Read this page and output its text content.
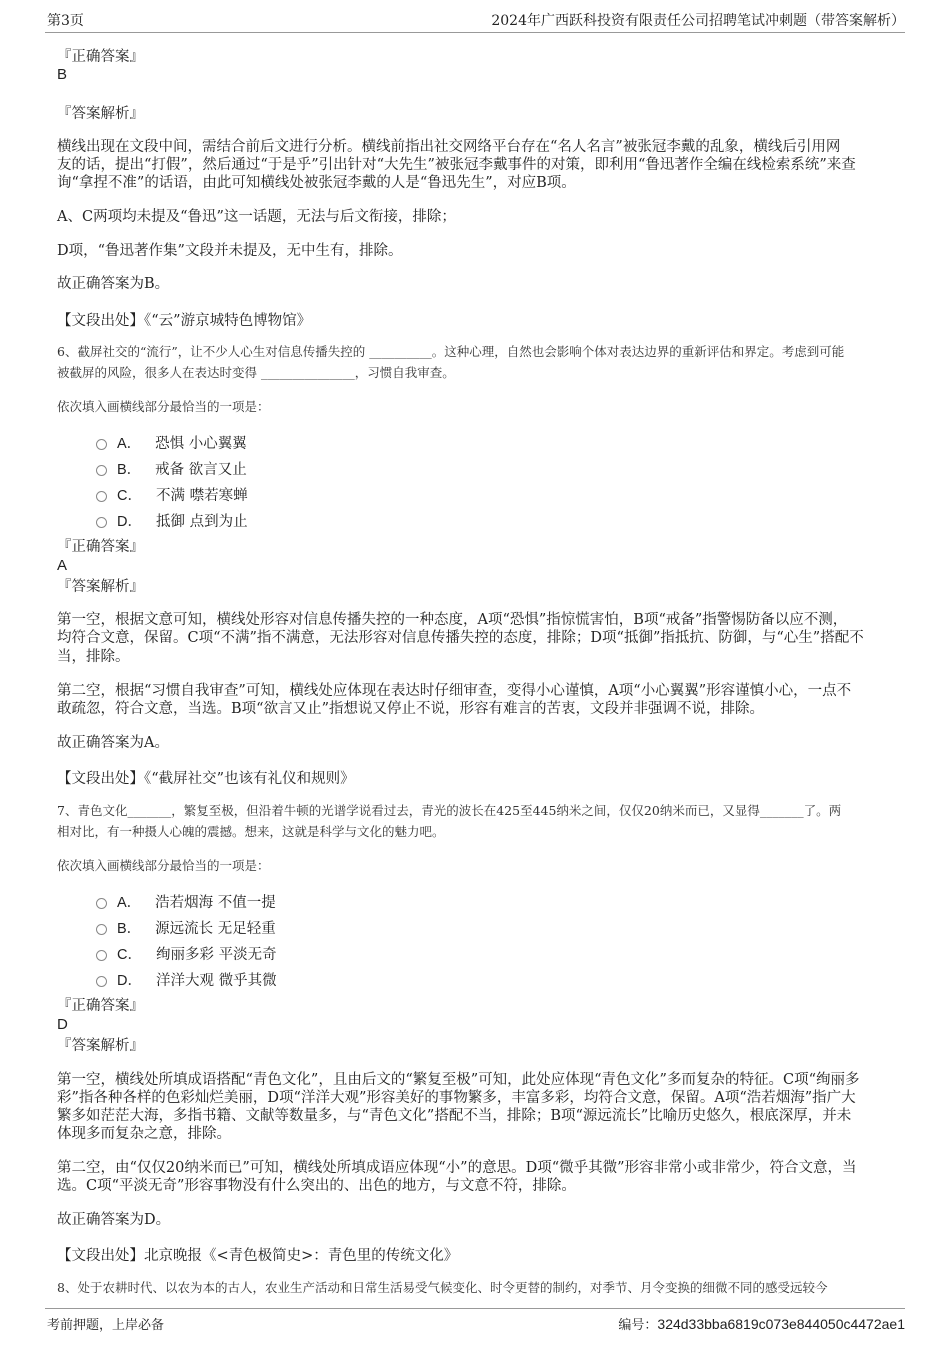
第3页	2024年广西跃科投资有限责任公司招聘笔试冲刺题（带答案解析）
『正确答案』
B
『答案解析』
横线出现在文段中间，需结合前后文进行分析。横线前指出社交网络平台存在“名人名言”被张冠李戴的乱象，横线后引用网
友的话，提出“打假”，然后通过“于是乎”引出针对“大先生”被张冠李戴事件的对策，即利用“鲁迅著作全编在线检索系统”来查
询“拿捏不准”的话语，由此可知横线处被张冠李戴的人是“鲁迅先生”，对应B项。
A、C两项均未提及“鲁迅”这一话题，无法与后文衔接，排除；
D项，“鲁迅著作集”文段并未提及，无中生有，排除。
故正确答案为B。
【文段出处】《“云”游京城特色博物馆》
6、截屏社交的“流行”，让不少人心生对信息传播失控的 __________。这种心理，自然也会影响个体对表达边界的重新评估和界定。考虑到可能
被截屏的风险，很多人在表达时变得 _______________，习惯自我审查。
依次填入画横线部分最恰当的一项是：
A． 恐惧 小心翼翼
B． 戒备 欲言又止
C． 不满 噤若寒蝉
D． 抵御 点到为止
『正确答案』
A
『答案解析』
第一空，根据文意可知，横线处形容对信息传播失控的一种态度，A项“恐惧”指惊慌害怕，B项“戒备”指警惕防备以应不测，
均符合文意，保留。C项“不满”指不满意，无法形容对信息传播失控的态度，排除；D项“抵御”指抵抗、防御，与“心生”搭配不
当，排除。
第二空，根据“习惯自我审查”可知，横线处应体现在表达时仔细审查，变得小心谨慎，A项“小心翼翼”形容谨慎小心，一点不
敢疏忽，符合文意，当选。B项“欲言又止”指想说又停止不说，形容有难言的苦衷，文段并非强调不说，排除。
故正确答案为A。
【文段出处】《“截屏社交”也该有礼仪和规则》
7、青色文化_______，繁复至极，但沿着牛顿的光谱学说看过去，青光的波长在425至445纳米之间，仅仅20纳米而已，又显得_______了。两
相对比，有一种摄人心魄的震撼。想来，这就是科学与文化的魅力吧。
依次填入画横线部分最恰当的一项是：
A． 浩若烟海 不值一提
B． 源远流长 无足轻重
C． 绚丽多彩 平淡无奇
D． 洋洋大观 微乎其微
『正确答案』
D
『答案解析』
第一空，横线处所填成语搭配“青色文化”，且由后文的“繁复至极”可知，此处应体现“青色文化”多而复杂的特征。C项“绚丽多
彩”指各种各样的色彩灿烂美丽，D项“洋洋大观”形容美好的事物繁多，丰富多彩，均符合文意，保留。A项“浩若烟海”指广大
繁多如茫茫大海，多指书籍、文献等数量多，与“青色文化”搭配不当，排除；B项“源远流长”比喻历史悠久，根底深厚，并未
体现多而复杂之意，排除。
第二空，由“仅仅20纳米而已”可知，横线处所填成语应体现“小”的意思。D项“微乎其微”形容非常小或非常少，符合文意，当
选。C项“平淡无奇”形容事物没有什么突出的、出色的地方，与文意不符，排除。
故正确答案为D。
【文段出处】北京晚报《<青色极简史>：青色里的传统文化》
8、处于农耕时代、以农为本的古人，农业生产活动和日常生活易受气候变化、时令更替的制约，对季节、月令变换的细微不同的感受远较今
考前押题，上岸必备	编号：324d33bba6819c073e844050c4472ae1
